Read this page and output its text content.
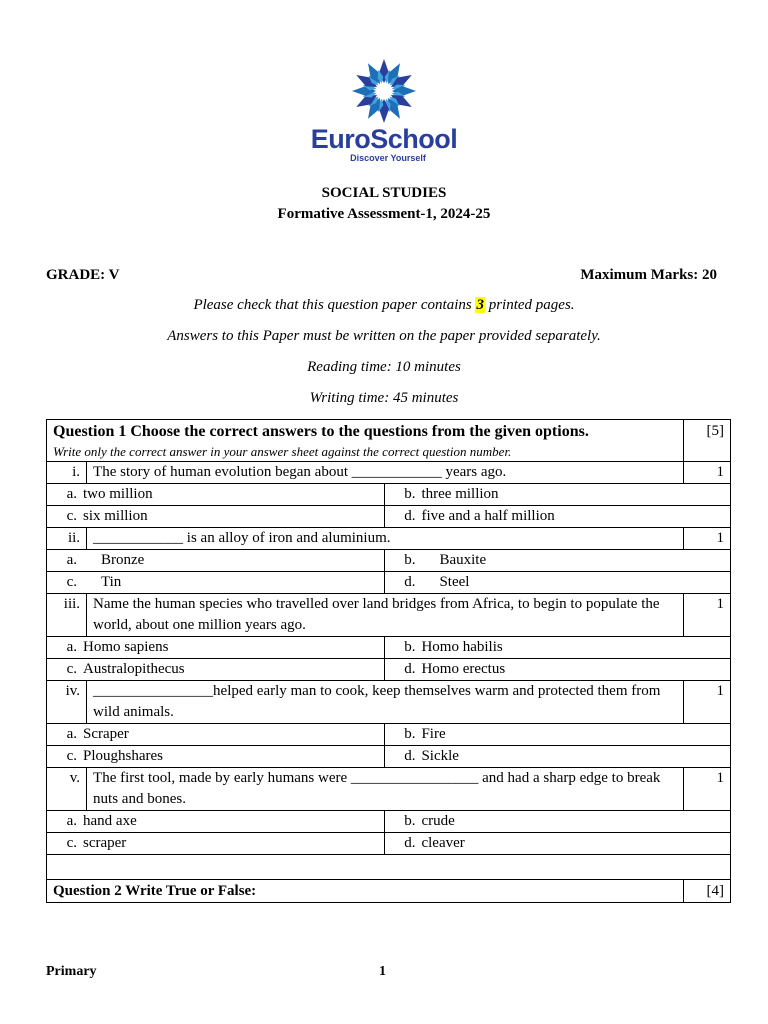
EuroSchool
Discover Yourself
SOCIAL STUDIES
Formative Assessment-1, 2024-25
GRADE: V	Maximum Marks: 20
Please check that this question paper contains 3 printed pages.
Answers to this Paper must be written on the paper provided separately.
Reading time: 10 minutes
Writing time: 45 minutes
Question 1 Choose the correct answers to the questions from the given options.
Write only the correct answer in your answer sheet against the correct question number.			[5]
i.	The story of human evolution began about ____________ years ago.		1
a. two million		b. three million	
c. six million		d. five and a half million	
ii.	____________ is an alloy of iron and aluminium.		1
a. Bronze		b. Bauxite	
c. Tin		d. Steel	
iii.	Name the human species who travelled over land bridges from Africa, to begin to populate the world, about one million years ago.		1
a. Homo sapiens		b. Homo habilis	
c. Australopithecus		d. Homo erectus	
iv.	________________helped early man to cook, keep themselves warm and protected them from wild animals.		1
a. Scraper		b. Fire	
c. Ploughshares		d. Sickle	
v.	The first tool, made by early humans were _________________ and had a sharp edge to break nuts and bones.		1
a. hand axe		b. crude	
c. scraper		d. cleaver	

Question 2 Write True or False:			[4]
Primary	1
